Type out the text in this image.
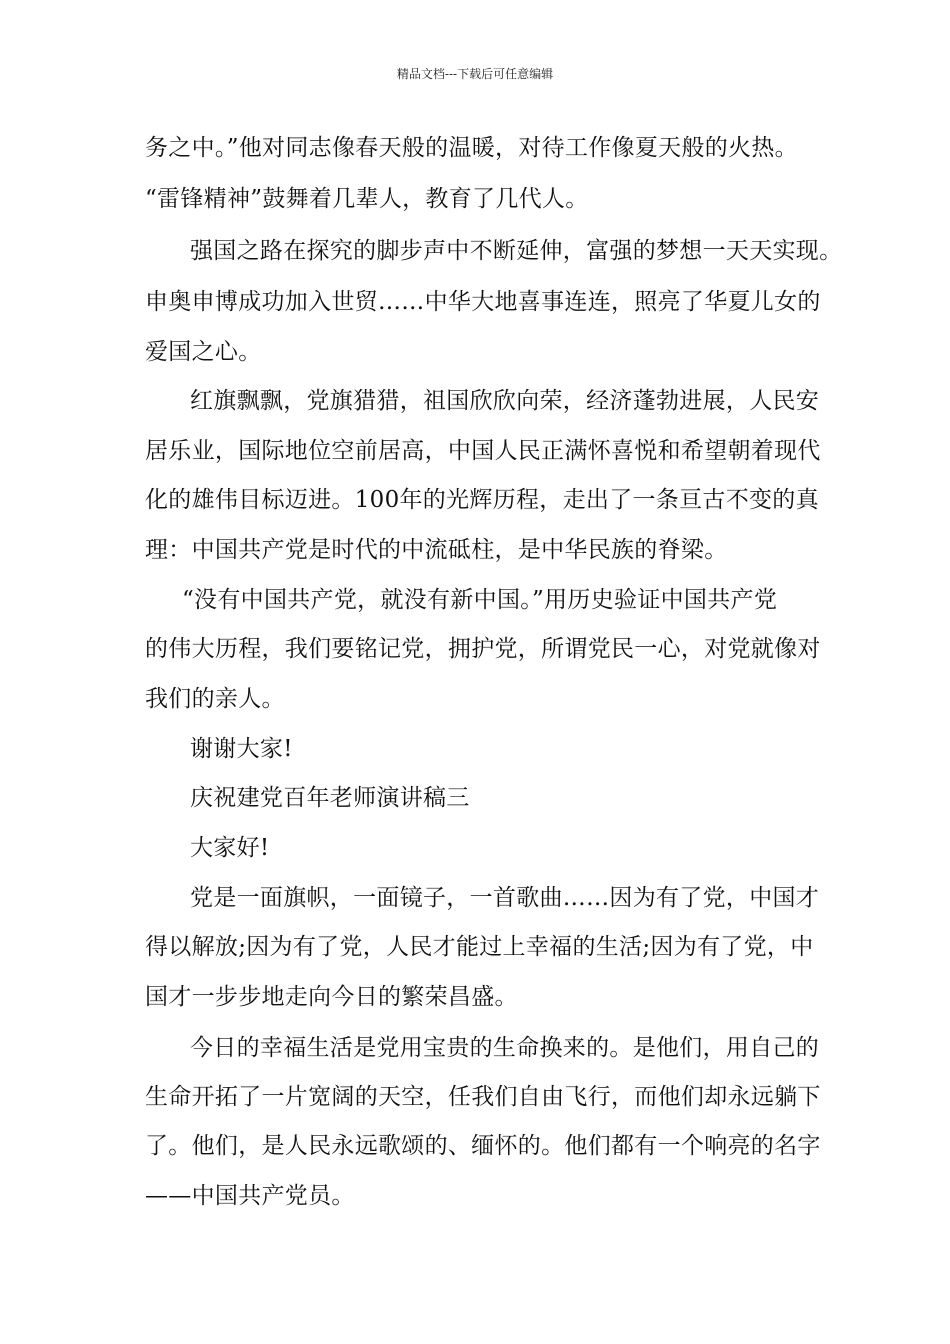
精品文档---下载后可任意编辑
务之中。”他对同志像春天般的温暖，对待工作像夏天般的火热。
“雷锋精神”鼓舞着几辈人，教育了几代人。
强国之路在探究的脚步声中不断延伸，富强的梦想一天天实现。
申奥申博成功加入世贸……中华大地喜事连连，照亮了华夏儿女的
爱国之心。
红旗飘飘，党旗猎猎，祖国欣欣向荣，经济蓬勃进展，人民安
居乐业，国际地位空前居高，中国人民正满怀喜悦和希望朝着现代
化的雄伟目标迈进。100年的光辉历程，走出了一条亘古不变的真
理：中国共产党是时代的中流砥柱，是中华民族的脊梁。
“没有中国共产党，就没有新中国。”用历史验证中国共产党
的伟大历程，我们要铭记党，拥护党，所谓党民一心，对党就像对
我们的亲人。
谢谢大家!
庆祝建党百年老师演讲稿三
大家好!
党是一面旗帜，一面镜子，一首歌曲……因为有了党，中国才
得以解放;因为有了党，人民才能过上幸福的生活;因为有了党，中
国才一步步地走向今日的繁荣昌盛。
今日的幸福生活是党用宝贵的生命换来的。是他们，用自己的
生命开拓了一片宽阔的天空，任我们自由飞行，而他们却永远躺下
了。他们，是人民永远歌颂的、缅怀的。他们都有一个响亮的名字
——中国共产党员。
